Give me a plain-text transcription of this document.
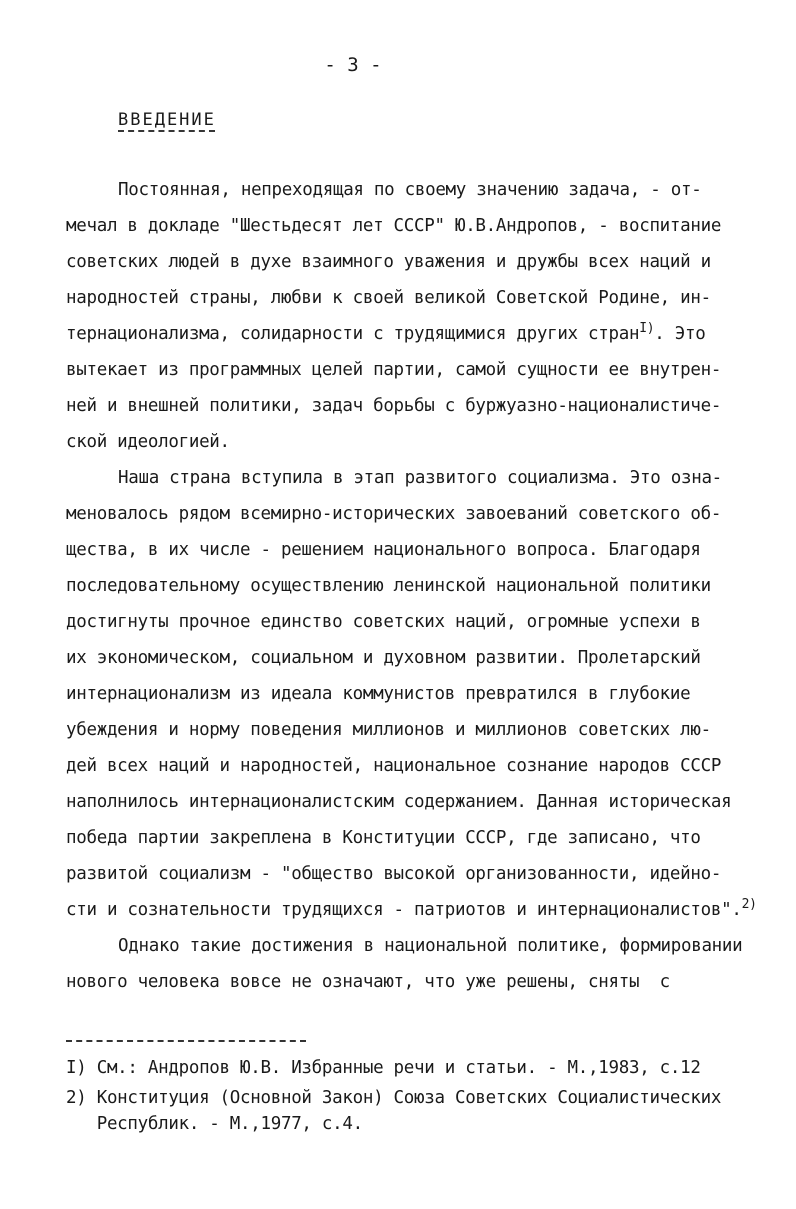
- 3 -
ВВЕДЕНИЕ
Постоянная, непреходящая по своему значению задача, - от-
мечал в докладе "Шестьдесят лет СССР" Ю.В.Андропов, - воспитание
советских людей в духе взаимного уважения и дружбы всех наций и
народностей страны, любви к своей великой Советской Родине, ин-
тернационализма, солидарности с трудящимися других стран$^{I)}$. Это
вытекает из программных целей партии, самой сущности ее внутрен-
ней и внешней политики, задач борьбы с буржуазно-националистиче-
ской идеологией.
Наша страна вступила в этап развитого социализма. Это озна-
меновалось рядом всемирно-исторических завоеваний советского об-
щества, в их числе - решением национального вопроса. Благодаря
последовательному осуществлению ленинской национальной политики
достигнуты прочное единство советских наций, огромные успехи в
их экономическом, социальном и духовном развитии. Пролетарский
интернационализм из идеала коммунистов превратился в глубокие
убеждения и норму поведения миллионов и миллионов советских лю-
дей всех наций и народностей, национальное сознание народов СССР
наполнилось интернационалистским содержанием. Данная историческая
победа партии закреплена в Конституции СССР, где записано, что
развитой социализм - "общество высокой организованности, идейно-
сти и сознательности трудящихся - патриотов и интернационалистов".$^{2)}$
Однако такие достижения в национальной политике, формировании
нового человека вовсе не означают, что уже решены, сняты  с
I) См.: Андропов Ю.В. Избранные речи и статьи. - М.,1983, с.12
2) Конституция (Основной Закон) Союза Советских Социалистических
Республик. - М.,1977, с.4.
